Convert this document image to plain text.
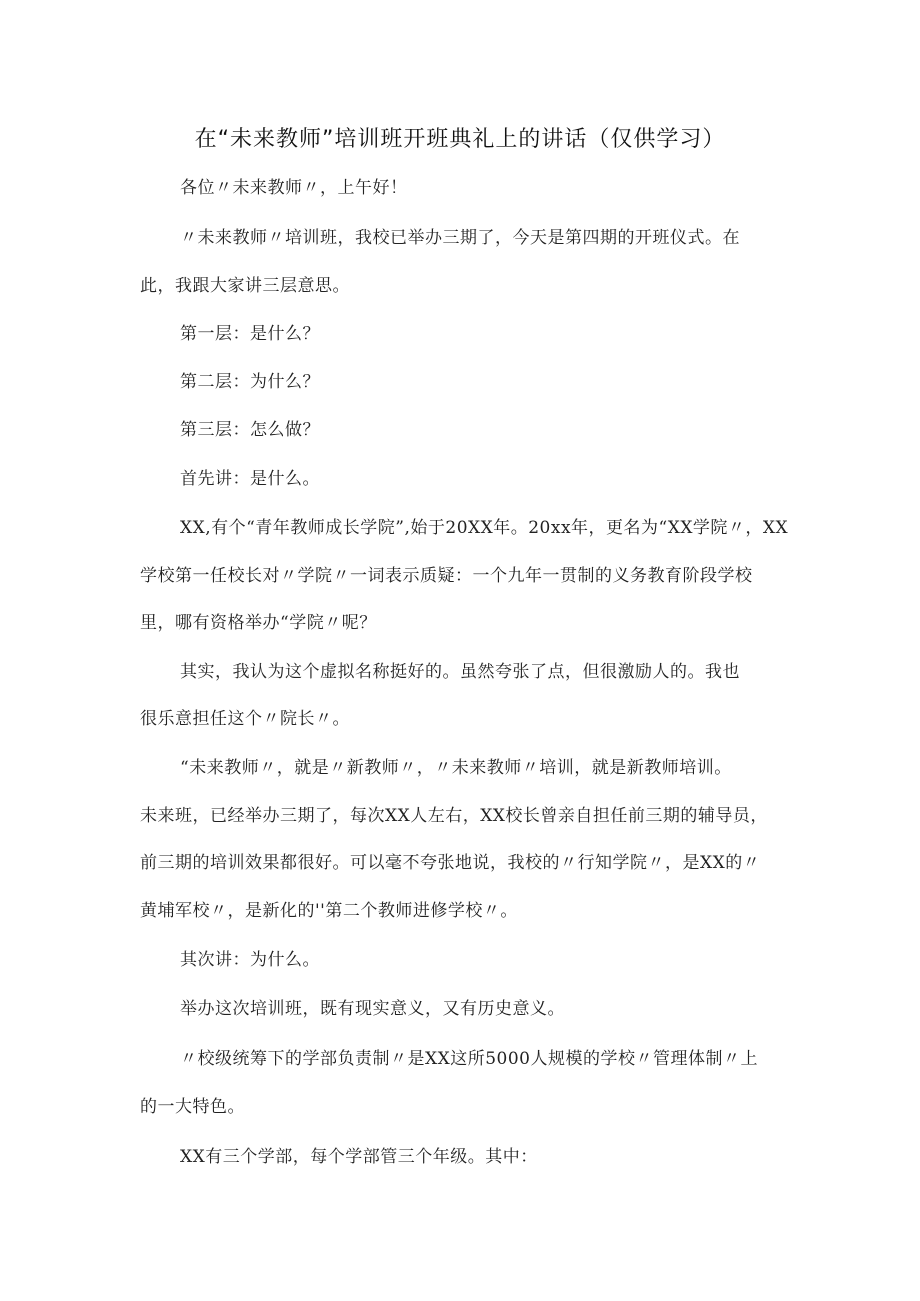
在“未来教师”培训班开班典礼上的讲话（仅供学习）
各位〃未来教师〃，上午好！
〃未来教师〃培训班，我校已举办三期了，今天是第四期的开班仪式。在
此，我跟大家讲三层意思。
第一层：是什么？
第二层：为什么？
第三层：怎么做？
首先讲：是什么。
XX,有个“青年教师成长学院”,始于20XX年。20xx年，更名为“XX学院〃，XX
学校第一任校长对〃学院〃一词表示质疑：一个九年一贯制的义务教育阶段学校
里，哪有资格举办“学院〃呢？
其实，我认为这个虚拟名称挺好的。虽然夸张了点，但很激励人的。我也
很乐意担任这个〃院长〃。
“未来教师〃，就是〃新教师〃，〃未来教师〃培训，就是新教师培训。
未来班，已经举办三期了，每次XX人左右，XX校长曾亲自担任前三期的辅导员，
前三期的培训效果都很好。可以毫不夸张地说，我校的〃行知学院〃，是XX的〃
黄埔军校〃，是新化的''第二个教师进修学校〃。
其次讲：为什么。
举办这次培训班，既有现实意义，又有历史意义。
〃校级统筹下的学部负责制〃是XX这所5000人规模的学校〃管理体制〃上
的一大特色。
XX有三个学部，每个学部管三个年级。其中：
